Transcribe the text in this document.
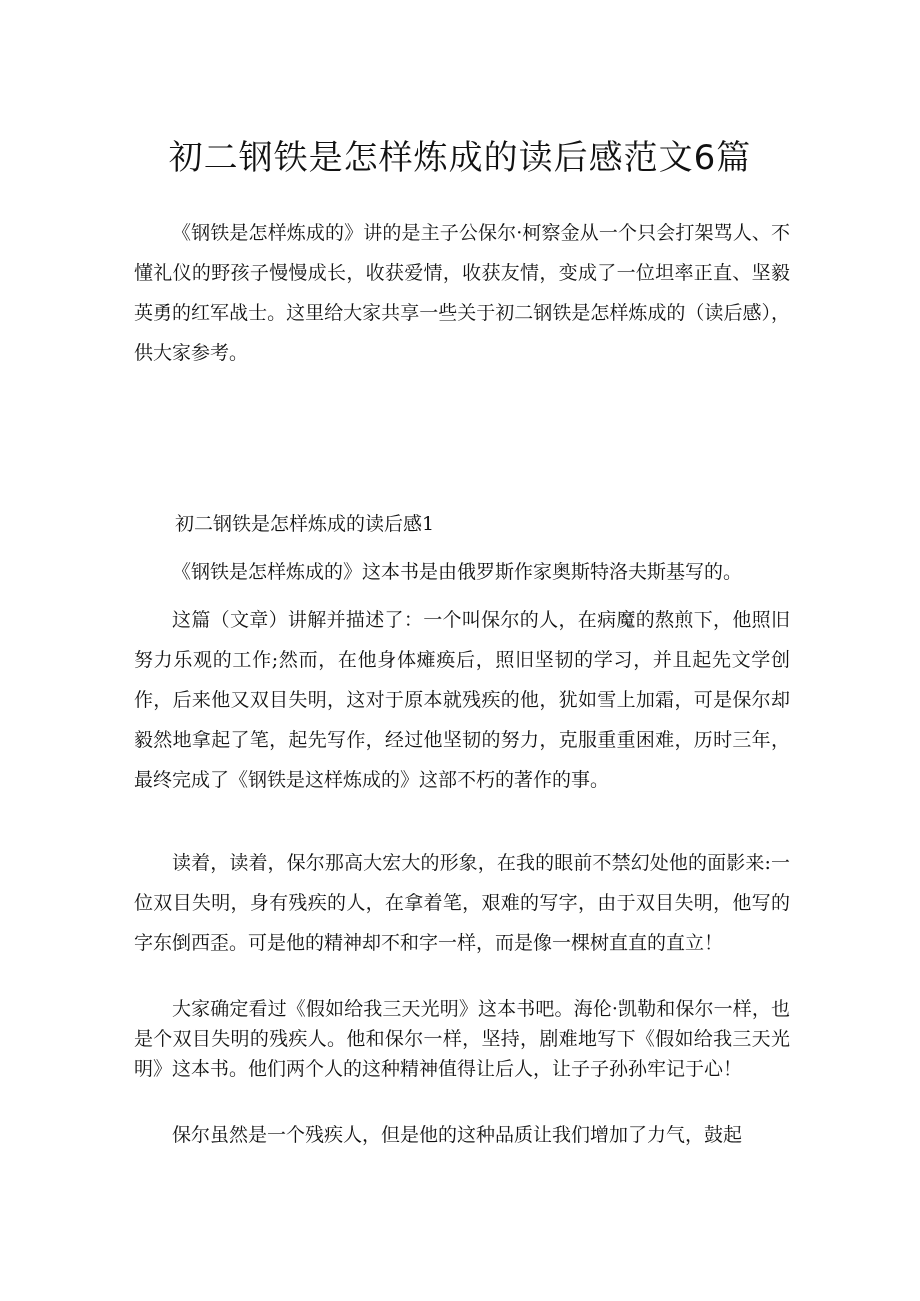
初二钢铁是怎样炼成的读后感范文6篇

《钢铁是怎样炼成的》讲的是主子公保尔·柯察金从一个只会打架骂人、不懂礼仪的野孩子慢慢成长，收获爱情，收获友情，变成了一位坦率正直、坚毅英勇的红军战士。这里给大家共享一些关于初二钢铁是怎样炼成的（读后感），供大家参考。

初二钢铁是怎样炼成的读后感1

《钢铁是怎样炼成的》这本书是由俄罗斯作家奥斯特洛夫斯基写的。

这篇（文章）讲解并描述了：一个叫保尔的人，在病魔的熬煎下，他照旧努力乐观的工作;然而，在他身体瘫痪后，照旧坚韧的学习，并且起先文学创作，后来他又双目失明，这对于原本就残疾的他，犹如雪上加霜，可是保尔却毅然地拿起了笔，起先写作，经过他坚韧的努力，克服重重困难，历时三年，最终完成了《钢铁是这样炼成的》这部不朽的著作的事。

读着，读着，保尔那高大宏大的形象，在我的眼前不禁幻处他的面影来:一位双目失明，身有残疾的人，在拿着笔，艰难的写字，由于双目失明，他写的字东倒西歪。可是他的精神却不和字一样，而是像一棵树直直的直立！

大家确定看过《假如给我三天光明》这本书吧。海伦·凯勒和保尔一样，也是个双目失明的残疾人。他和保尔一样，坚持，剧难地写下《假如给我三天光明》这本书。他们两个人的这种精神值得让后人，让子子孙孙牢记于心！

保尔虽然是一个残疾人，但是他的这种品质让我们增加了力气，鼓起
